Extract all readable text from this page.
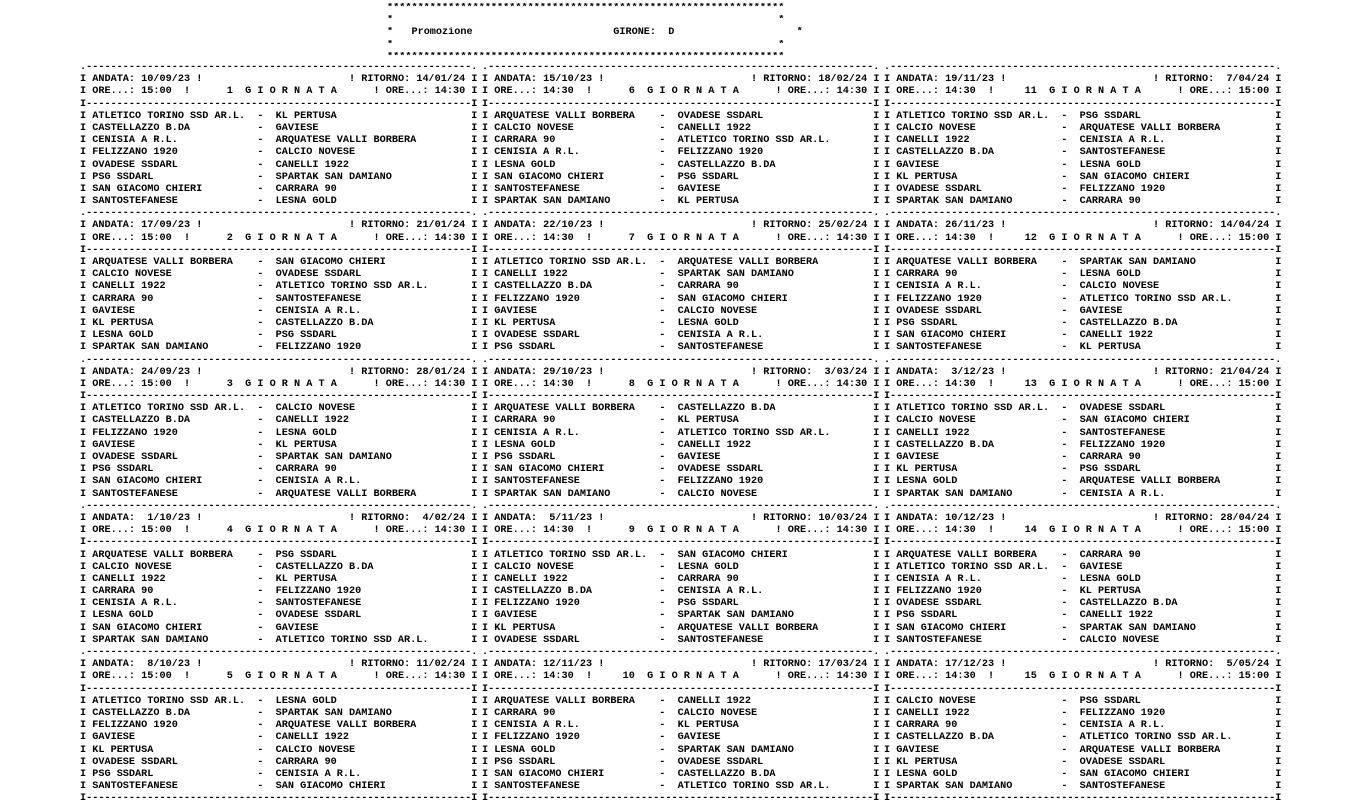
*****************************************************************
*                                                               *
*   Promozione	GIRONE: D                    *
*                                                               *
*****************************************************************
.---------------------------------------------------------------.
I ANDATA: 10/09/23 !	! RITORNO: 14/01/24 I
I ORE...: 15:00  !	1 G I O R N A T A	! ORE...: 14:30 I
I---------------------------------------------------------------I
I ATLETICO TORINO SSD AR.L.  -  KL PERTUSA                      I
I CASTELLAZZO B.DA           -  GAVIESE                         I
I CENISIA A R.L.             -  ARQUATESE VALLI BORBERA         I
I FELIZZANO 1920             -  CALCIO NOVESE                   I
I OVADESE SSDARL             -  CANELLI 1922                    I
I PSG SSDARL                 -  SPARTAK SAN DAMIANO             I
I SAN GIACOMO CHIERI         -  CARRARA 90                      I
I SANTOSTEFANESE             -  LESNA GOLD                      I
.---------------------------------------------------------------.
I ANDATA: 17/09/23 !	! RITORNO: 21/01/24 I
I ORE...: 15:00  !	2 G I O R N A T A	! ORE...: 14:30 I
I---------------------------------------------------------------I
I ARQUATESE VALLI BORBERA    -  SAN GIACOMO CHIERI              I
I CALCIO NOVESE              -  OVADESE SSDARL                  I
I CANELLI 1922               -  ATLETICO TORINO SSD AR.L.       I
I CARRARA 90                 -  SANTOSTEFANESE                  I
I GAVIESE                    -  CENISIA A R.L.                  I
I KL PERTUSA                 -  CASTELLAZZO B.DA                I
I LESNA GOLD                 -  PSG SSDARL                      I
I SPARTAK SAN DAMIANO        -  FELIZZANO 1920                  I
.---------------------------------------------------------------.
I ANDATA: 24/09/23 !	! RITORNO: 28/01/24 I
I ORE...: 15:00  !	3 G I O R N A T A	! ORE...: 14:30 I
I---------------------------------------------------------------I
I ATLETICO TORINO SSD AR.L.  -  CALCIO NOVESE                   I
I CASTELLAZZO B.DA           -  CANELLI 1922                    I
I FELIZZANO 1920             -  LESNA GOLD                      I
I GAVIESE                    -  KL PERTUSA                      I
I OVADESE SSDARL             -  SPARTAK SAN DAMIANO             I
I PSG SSDARL                 -  CARRARA 90                      I
I SAN GIACOMO CHIERI         -  CENISIA A R.L.                  I
I SANTOSTEFANESE             -  ARQUATESE VALLI BORBERA         I
.---------------------------------------------------------------.
I ANDATA:  1/10/23 !	! RITORNO:  4/02/24 I
I ORE...: 15:00  !	4 G I O R N A T A	! ORE...: 14:30 I
I---------------------------------------------------------------I
I ARQUATESE VALLI BORBERA    -  PSG SSDARL                      I
I CALCIO NOVESE              -  CASTELLAZZO B.DA                I
I CANELLI 1922               -  KL PERTUSA                      I
I CARRARA 90                 -  FELIZZANO 1920                  I
I CENISIA A R.L.             -  SANTOSTEFANESE                  I
I LESNA GOLD                 -  OVADESE SSDARL                  I
I SAN GIACOMO CHIERI         -  GAVIESE                         I
I SPARTAK SAN DAMIANO        -  ATLETICO TORINO SSD AR.L.       I
.---------------------------------------------------------------.
I ANDATA:  8/10/23 !	! RITORNO: 11/02/24 I
I ORE...: 15:00  !	5 G I O R N A T A	! ORE...: 14:30 I
I---------------------------------------------------------------I
I ATLETICO TORINO SSD AR.L.  -  LESNA GOLD                      I
I CASTELLAZZO B.DA           -  SPARTAK SAN DAMIANO             I
I FELIZZANO 1920             -  ARQUATESE VALLI BORBERA         I
I GAVIESE                    -  CANELLI 1922                    I
I KL PERTUSA                 -  CALCIO NOVESE                   I
I OVADESE SSDARL             -  CARRARA 90                      I
I PSG SSDARL                 -  CENISIA A R.L.                  I
I SANTOSTEFANESE             -  SAN GIACOMO CHIERI              I
I---------------------------------------------------------------I
.---------------------------------------------------------------.
I ANDATA: 15/10/23 !	! RITORNO: 18/02/24 I
I ORE...: 14:30  !	6 G I O R N A T A	! ORE...: 14:30 I
I---------------------------------------------------------------I
I ARQUATESE VALLI BORBERA    -  OVADESE SSDARL                  I
I CALCIO NOVESE              -  CANELLI 1922                    I
I CARRARA 90                 -  ATLETICO TORINO SSD AR.L.       I
I CENISIA A R.L.             -  FELIZZANO 1920                  I
I LESNA GOLD                 -  CASTELLAZZO B.DA                I
I SAN GIACOMO CHIERI         -  PSG SSDARL                      I
I SANTOSTEFANESE             -  GAVIESE                         I
I SPARTAK SAN DAMIANO        -  KL PERTUSA                      I
.---------------------------------------------------------------.
I ANDATA: 22/10/23 !	! RITORNO: 25/02/24 I
I ORE...: 14:30  !	7 G I O R N A T A	! ORE...: 14:30 I
I---------------------------------------------------------------I
I ATLETICO TORINO SSD AR.L.  -  ARQUATESE VALLI BORBERA         I
I CANELLI 1922               -  SPARTAK SAN DAMIANO             I
I CASTELLAZZO B.DA           -  CARRARA 90                      I
I FELIZZANO 1920             -  SAN GIACOMO CHIERI              I
I GAVIESE                    -  CALCIO NOVESE                   I
I KL PERTUSA                 -  LESNA GOLD                      I
I OVADESE SSDARL             -  CENISIA A R.L.                  I
I PSG SSDARL                 -  SANTOSTEFANESE                  I
.---------------------------------------------------------------.
I ANDATA: 29/10/23 !	! RITORNO:  3/03/24 I
I ORE...: 14:30  !	8 G I O R N A T A	! ORE...: 14:30 I
I---------------------------------------------------------------I
I ARQUATESE VALLI BORBERA    -  CASTELLAZZO B.DA                I
I CARRARA 90                 -  KL PERTUSA                      I
I CENISIA A R.L.             -  ATLETICO TORINO SSD AR.L.       I
I LESNA GOLD                 -  CANELLI 1922                    I
I PSG SSDARL                 -  GAVIESE                         I
I SAN GIACOMO CHIERI         -  OVADESE SSDARL                  I
I SANTOSTEFANESE             -  FELIZZANO 1920                  I
I SPARTAK SAN DAMIANO        -  CALCIO NOVESE                   I
.---------------------------------------------------------------.
I ANDATA:  5/11/23 !	! RITORNO: 10/03/24 I
I ORE...: 14:30  !	9 G I O R N A T A	! ORE...: 14:30 I
I---------------------------------------------------------------I
I ATLETICO TORINO SSD AR.L.  -  SAN GIACOMO CHIERI              I
I CALCIO NOVESE              -  LESNA GOLD                      I
I CANELLI 1922               -  CARRARA 90                      I
I CASTELLAZZO B.DA           -  CENISIA A R.L.                  I
I FELIZZANO 1920             -  PSG SSDARL                      I
I GAVIESE                    -  SPARTAK SAN DAMIANO             I
I KL PERTUSA                 -  ARQUATESE VALLI BORBERA         I
I OVADESE SSDARL             -  SANTOSTEFANESE                  I
.---------------------------------------------------------------.
I ANDATA: 12/11/23 !	! RITORNO: 17/03/24 I
I ORE...: 14:30  !	10 G I O R N A T A	! ORE...: 14:30 I
I---------------------------------------------------------------I
I ARQUATESE VALLI BORBERA    -  CANELLI 1922                    I
I CARRARA 90                 -  CALCIO NOVESE                   I
I CENISIA A R.L.             -  KL PERTUSA                      I
I FELIZZANO 1920             -  GAVIESE                         I
I LESNA GOLD                 -  SPARTAK SAN DAMIANO             I
I PSG SSDARL                 -  OVADESE SSDARL                  I
I SAN GIACOMO CHIERI         -  CASTELLAZZO B.DA                I
I SANTOSTEFANESE             -  ATLETICO TORINO SSD AR.L.       I
I---------------------------------------------------------------I
.---------------------------------------------------------------.
I ANDATA: 19/11/23 !	! RITORNO:  7/04/24 I
I ORE...: 14:30  !	11 G I O R N A T A	! ORE...: 15:00 I
I---------------------------------------------------------------I
I ATLETICO TORINO SSD AR.L.  -  PSG SSDARL                      I
I CALCIO NOVESE              -  ARQUATESE VALLI BORBERA         I
I CANELLI 1922               -  CENISIA A R.L.                  I
I CASTELLAZZO B.DA           -  SANTOSTEFANESE                  I
I GAVIESE                    -  LESNA GOLD                      I
I KL PERTUSA                 -  SAN GIACOMO CHIERI              I
I OVADESE SSDARL             -  FELIZZANO 1920                  I
I SPARTAK SAN DAMIANO        -  CARRARA 90                      I
.---------------------------------------------------------------.
I ANDATA: 26/11/23 !	! RITORNO: 14/04/24 I
I ORE...: 14:30  !	12 G I O R N A T A	! ORE...: 15:00 I
I---------------------------------------------------------------I
I ARQUATESE VALLI BORBERA    -  SPARTAK SAN DAMIANO             I
I CARRARA 90                 -  LESNA GOLD                      I
I CENISIA A R.L.             -  CALCIO NOVESE                   I
I FELIZZANO 1920             -  ATLETICO TORINO SSD AR.L.       I
I OVADESE SSDARL             -  GAVIESE                         I
I PSG SSDARL                 -  CASTELLAZZO B.DA                I
I SAN GIACOMO CHIERI         -  CANELLI 1922                    I
I SANTOSTEFANESE             -  KL PERTUSA                      I
.---------------------------------------------------------------.
I ANDATA:  3/12/23 !	! RITORNO: 21/04/24 I
I ORE...: 14:30  !	13 G I O R N A T A	! ORE...: 15:00 I
I---------------------------------------------------------------I
I ATLETICO TORINO SSD AR.L.  -  OVADESE SSDARL                  I
I CALCIO NOVESE              -  SAN GIACOMO CHIERI              I
I CANELLI 1922               -  SANTOSTEFANESE                  I
I CASTELLAZZO B.DA           -  FELIZZANO 1920                  I
I GAVIESE                    -  CARRARA 90                      I
I KL PERTUSA                 -  PSG SSDARL                      I
I LESNA GOLD                 -  ARQUATESE VALLI BORBERA         I
I SPARTAK SAN DAMIANO        -  CENISIA A R.L.                  I
.---------------------------------------------------------------.
I ANDATA: 10/12/23 !	! RITORNO: 28/04/24 I
I ORE...: 14:30  !	14 G I O R N A T A	! ORE...: 15:00 I
I---------------------------------------------------------------I
I ARQUATESE VALLI BORBERA    -  CARRARA 90                      I
I ATLETICO TORINO SSD AR.L.  -  GAVIESE                         I
I CENISIA A R.L.             -  LESNA GOLD                      I
I FELIZZANO 1920             -  KL PERTUSA                      I
I OVADESE SSDARL             -  CASTELLAZZO B.DA                I
I PSG SSDARL                 -  CANELLI 1922                    I
I SAN GIACOMO CHIERI         -  SPARTAK SAN DAMIANO             I
I SANTOSTEFANESE             -  CALCIO NOVESE                   I
.---------------------------------------------------------------.
I ANDATA: 17/12/23 !	! RITORNO:  5/05/24 I
I ORE...: 14:30  !	15 G I O R N A T A	! ORE...: 15:00 I
I---------------------------------------------------------------I
I CALCIO NOVESE              -  PSG SSDARL                      I
I CANELLI 1922               -  FELIZZANO 1920                  I
I CARRARA 90                 -  CENISIA A R.L.                  I
I CASTELLAZZO B.DA           -  ATLETICO TORINO SSD AR.L.       I
I GAVIESE                    -  ARQUATESE VALLI BORBERA         I
I KL PERTUSA                 -  OVADESE SSDARL                  I
I LESNA GOLD                 -  SAN GIACOMO CHIERI              I
I SPARTAK SAN DAMIANO        -  SANTOSTEFANESE                  I
I---------------------------------------------------------------I
